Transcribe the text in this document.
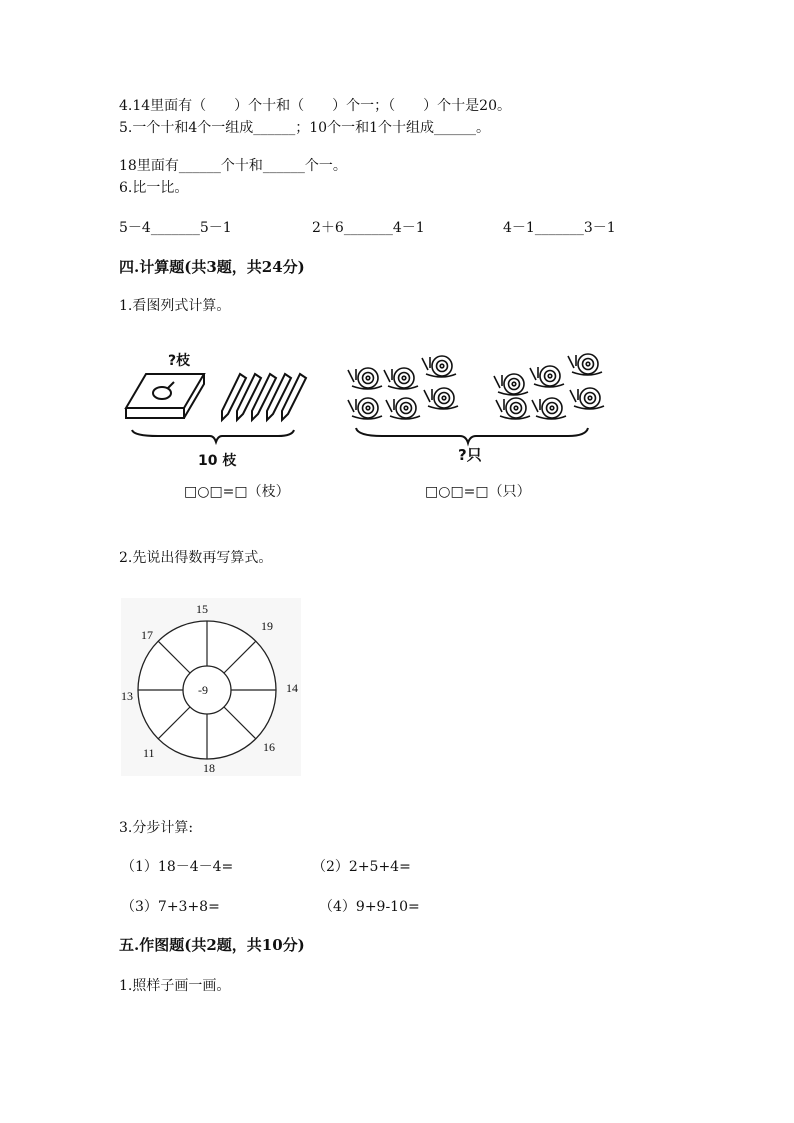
4.14里面有（　　）个十和（　　）个一；（　　）个十是20。
5.一个十和4个一组成______；10个一和1个十组成______。
18里面有______个十和______个一。
6.比一比。
5－4_______5－1	2＋6_______4－1	4－1_______3－1
四.计算题(共3题，共24分)
1.看图列式计算。
?枝
10 枝
□○□=□（枝）
?只
□○□=□（只）
2.先说出得数再写算式。
-9
15
19
14
16
18
11
13
17
3.分步计算:
（1）18－4－4=	（2）2+5+4=
（3）7+3+8=	（4）9+9-10=
五.作图题(共2题，共10分)
1.照样子画一画。
